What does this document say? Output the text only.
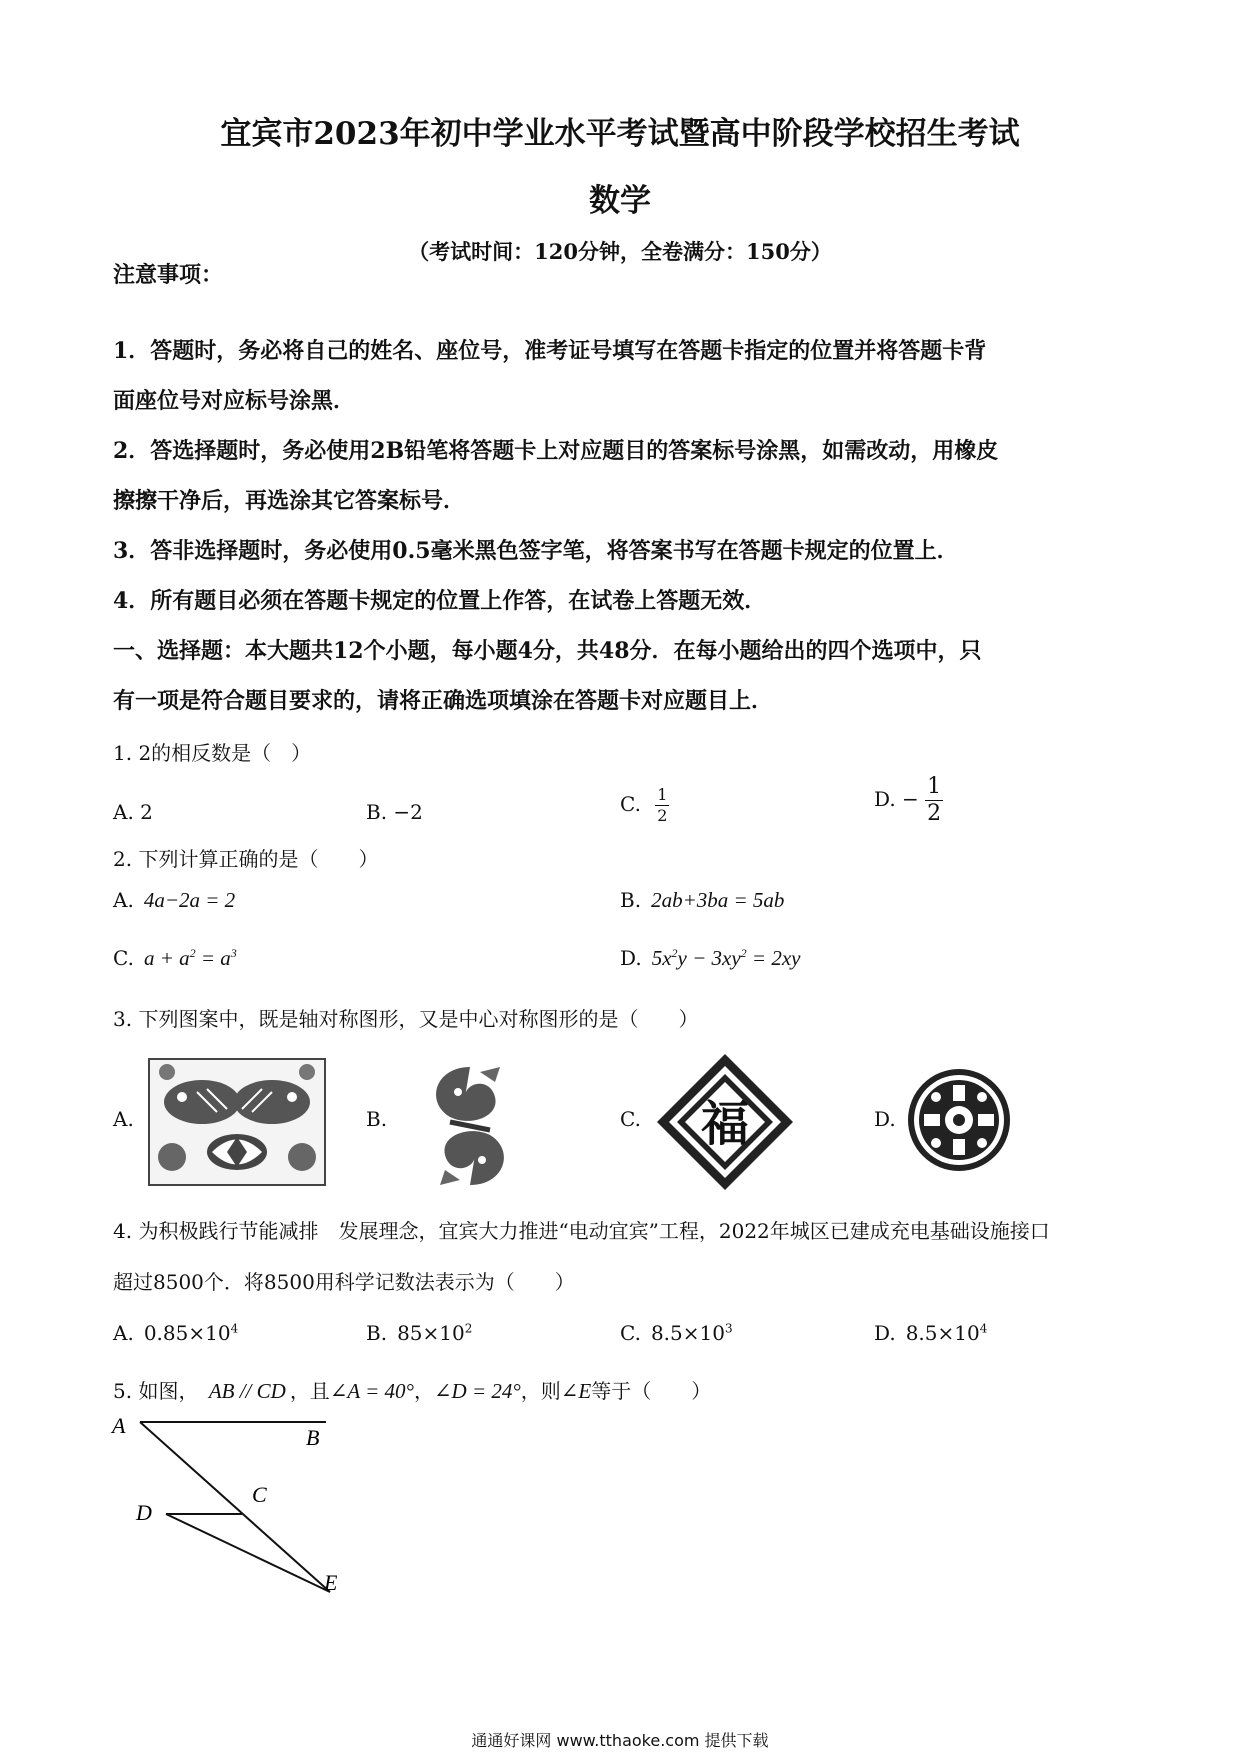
宜宾市2023年初中学业水平考试暨高中阶段学校招生考试
数学
（考试时间：120分钟，全卷满分：150分）
注意事项：
1．答题时，务必将自己的姓名、座位号，准考证号填写在答题卡指定的位置并将答题卡背
面座位号对应标号涂黑．
2．答选择题时，务必使用2B铅笔将答题卡上对应题目的答案标号涂黑，如需改动，用橡皮
擦擦干净后，再选涂其它答案标号．
3．答非选择题时，务必使用0.5毫米黑色签字笔，将答案书写在答题卡规定的位置上．
4．所有题目必须在答题卡规定的位置上作答，在试卷上答题无效．
一、选择题：本大题共12个小题，每小题4分，共48分．在每小题给出的四个选项中，只
有一项是符合题目要求的，请将正确选项填涂在答题卡对应题目上．
1. 2的相反数是（　）
A. 2	B. −2	C. $\frac{1}{2}$	D. − $\frac{1}{2}$
2. 下列计算正确的是（　　）
A. 4a−2a = 2	B. 2ab+3ba = 5ab
C. $a + a^2 = a^3$	D. $5x^2y - 3xy^2 = 2xy$
3. 下列图案中，既是轴对称图形，又是中心对称图形的是（　　）
A.	B.	C.	D.
福
4. 为积极践行节能减排　发展理念，宜宾大力推进“电动宜宾”工程，2022年城区已建成充电基础设施接口
超过8500个．将8500用科学记数法表示为（　　）
A. $0.85\times 10^4$	B. $85\times 10^2$	C. $8.5\times 10^3$	D. $8.5\times 10^4$
5. 如图， AB // CD ，且∠A = 40°，∠D = 24°，则∠E等于（　　）
A	B
C
D
E
通通好课网 www.tthaoke.com 提供下载
